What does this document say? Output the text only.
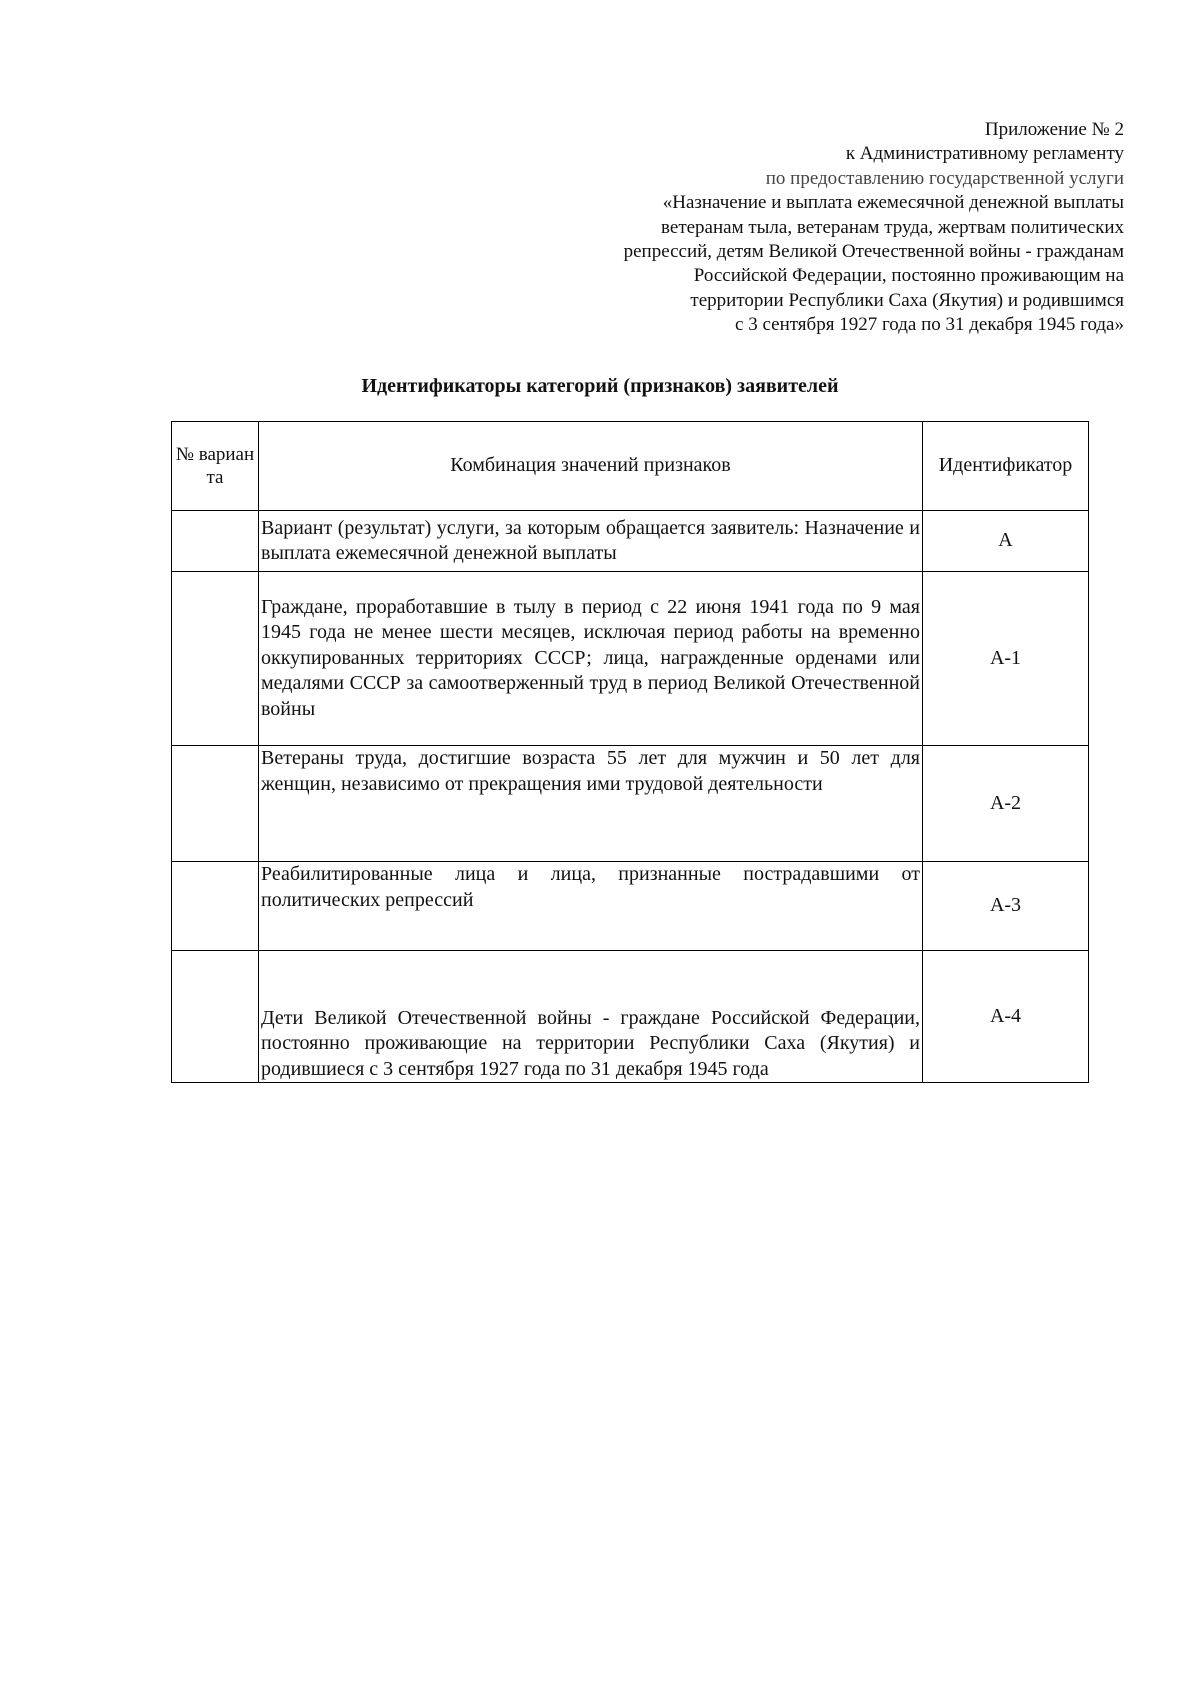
Приложение № 2
к Административному регламенту
по предоставлению государственной услуги
«Назначение и выплата ежемесячной денежной выплаты
ветеранам тыла, ветеранам труда, жертвам политических
репрессий, детям Великой Отечественной войны - гражданам
Российской Федерации, постоянно проживающим на
территории Республики Саха (Якутия) и родившимся
с 3 сентября 1927 года по 31 декабря 1945 года»
Идентификаторы категорий (признаков) заявителей
№ варианта	Комбинация значений признаков	Идентификатор
	Вариант (результат) услуги, за которым обращается заявитель: Назначение и выплата ежемесячной денежной выплаты	А
	Граждане, проработавшие в тылу в период с 22 июня 1941 года по 9 мая 1945 года не менее шести месяцев, исключая период работы на временно оккупированных территориях СССР; лица, награжденные орденами или медалями СССР за самоотверженный труд в период Великой Отечественной войны	А-1
	Ветераны труда, достигшие возраста 55 лет для мужчин и 50 лет для женщин, независимо от прекращения ими трудовой деятельности	А-2
	Реабилитированные лица и лица, признанные пострадавшими от политических репрессий	А-3
	Дети Великой Отечественной войны - граждане Российской Федерации, постоянно проживающие на территории Республики Саха (Якутия) и родившиеся с 3 сентября 1927 года по 31 декабря 1945 года	А-4
